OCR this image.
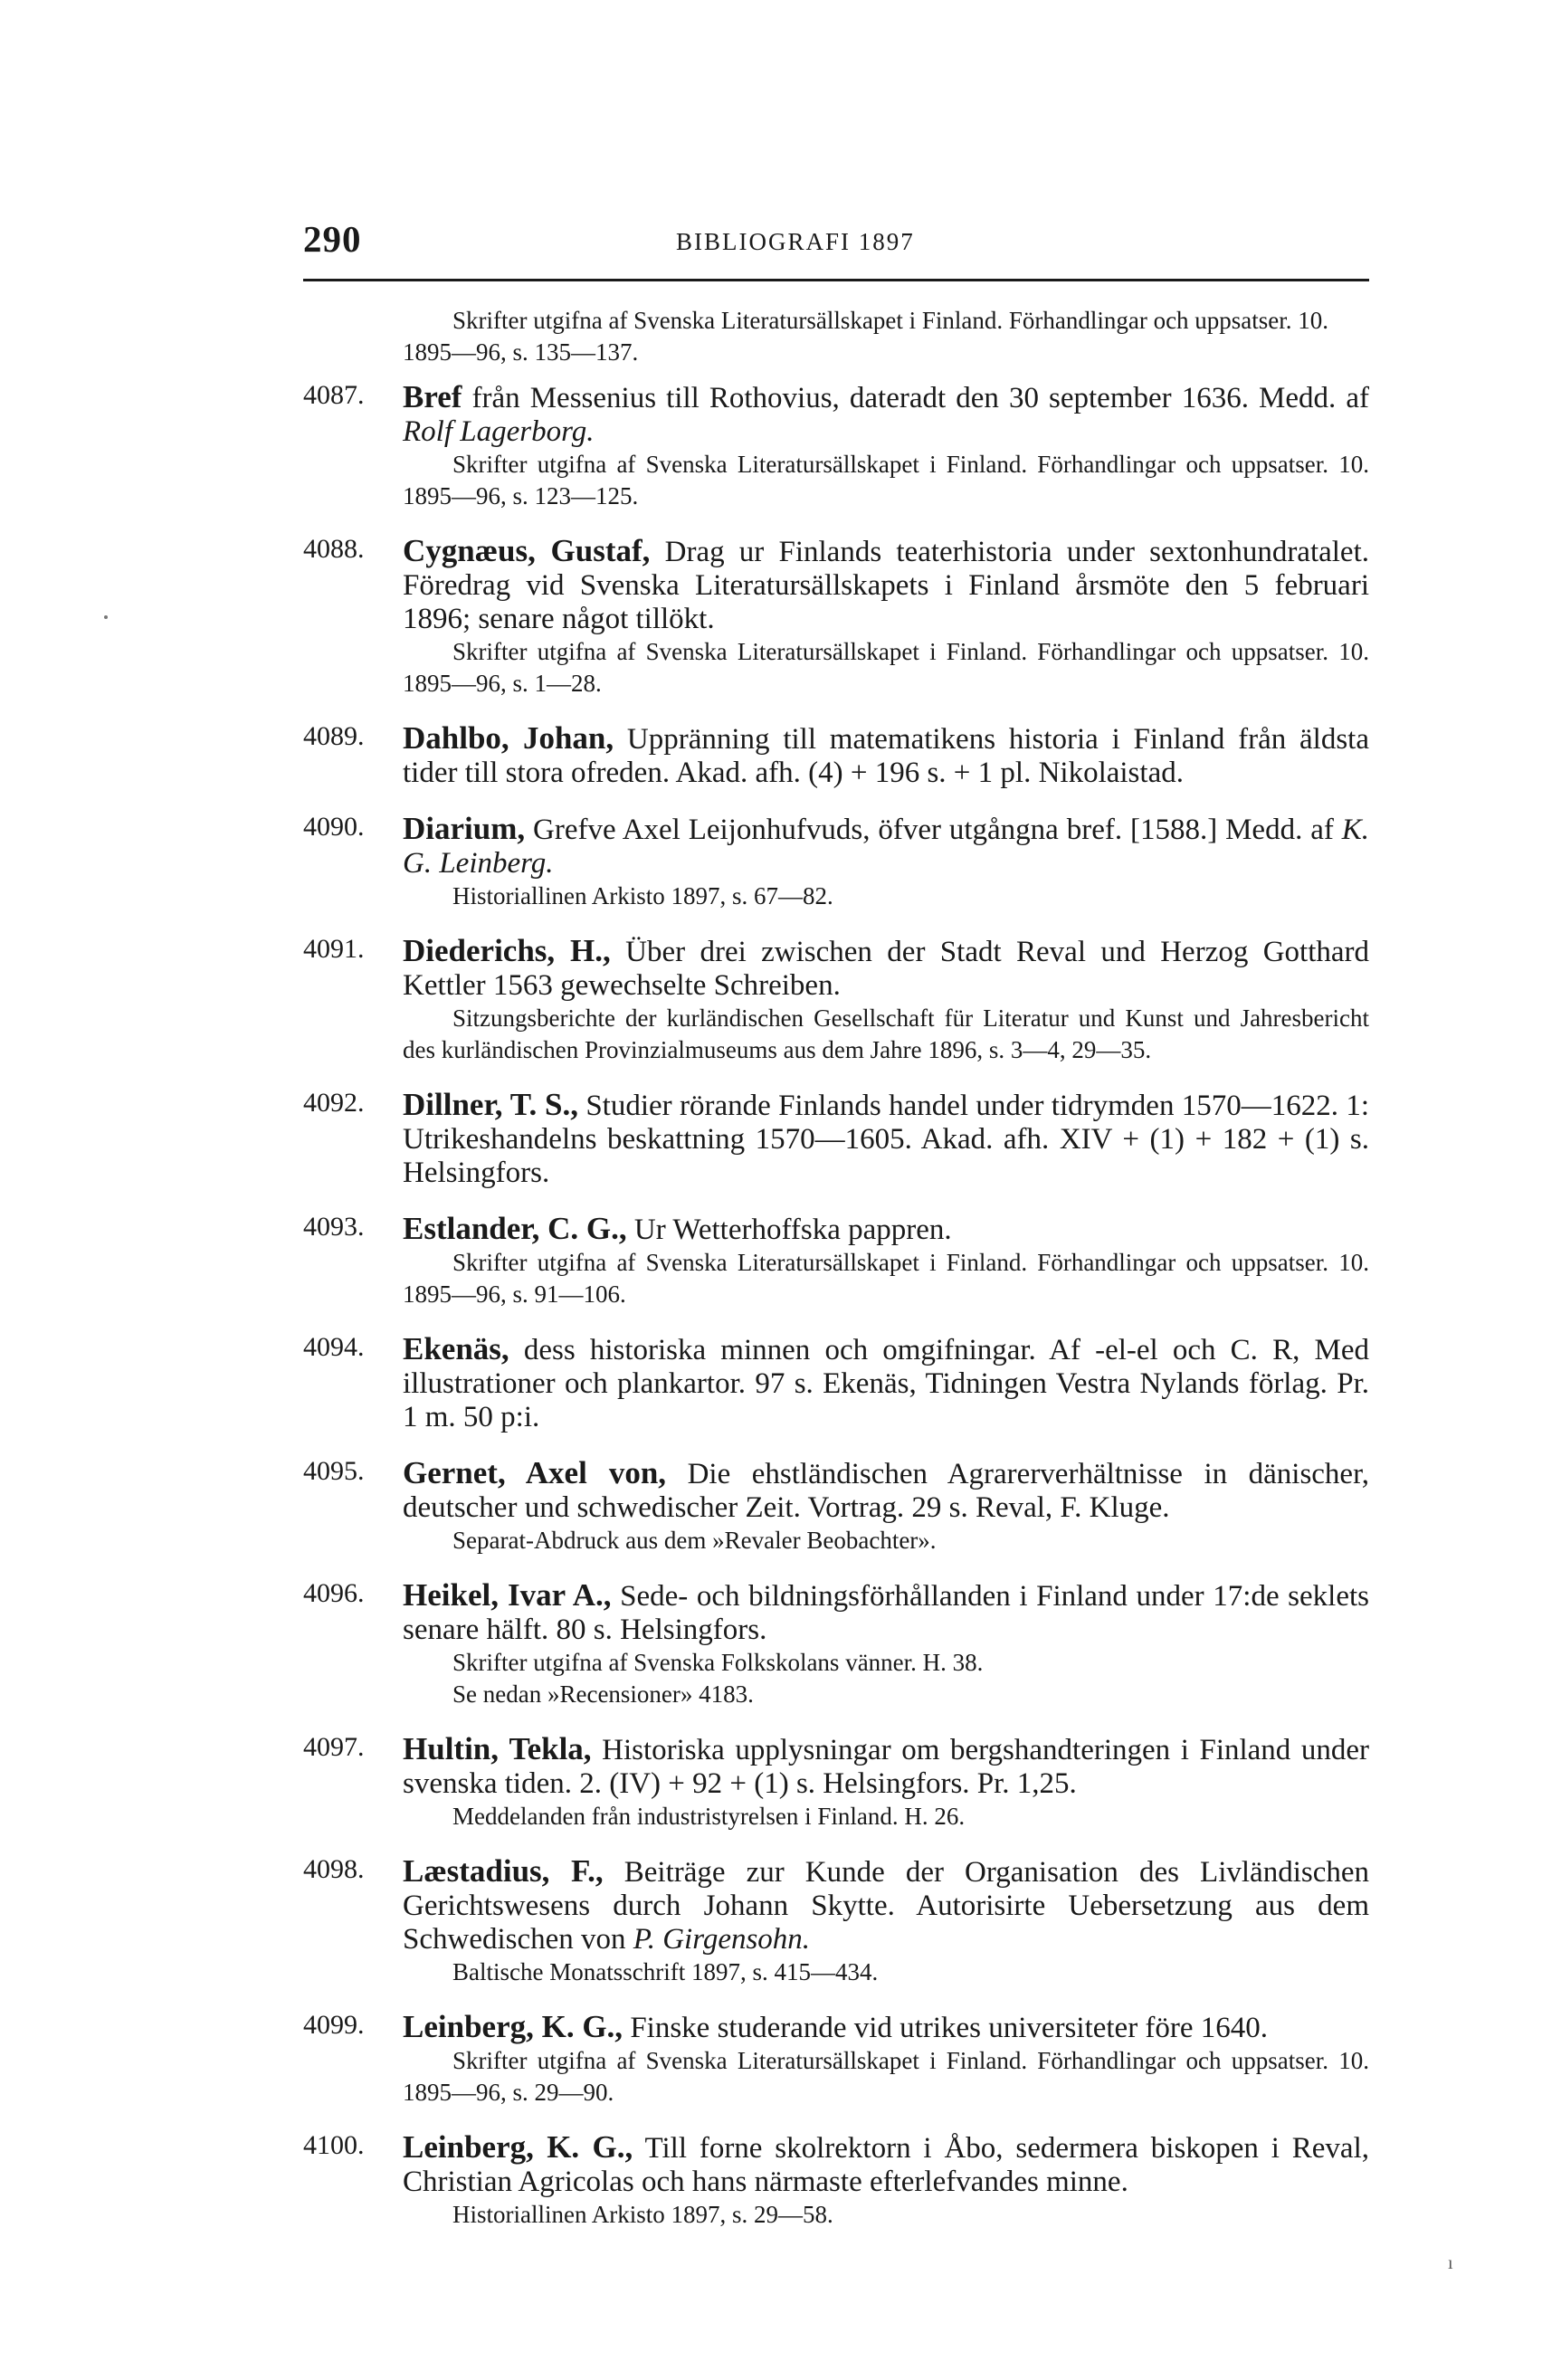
290	BIBLIOGRAFI 1897
Skrifter utgifna af Svenska Literatursällskapet i Finland. Förhandlingar och uppsatser. 10. 1895—96, s. 135—137.
4087. Bref från Messenius till Rothovius, dateradt den 30 september 1636. Medd. af Rolf Lagerborg.
Skrifter utgifna af Svenska Literatursällskapet i Finland. Förhandlingar och uppsatser. 10. 1895—96, s. 123—125.
4088. Cygnæus, Gustaf, Drag ur Finlands teaterhistoria under sextonhundratalet. Föredrag vid Svenska Literatursällskapets i Finland årsmöte den 5 februari 1896; senare något tillökt.
Skrifter utgifna af Svenska Literatursällskapet i Finland. Förhandlingar och uppsatser. 10. 1895—96, s. 1—28.
4089. Dahlbo, Johan, Uppränning till matematikens historia i Finland från äldsta tider till stora ofreden. Akad. afh. (4) + 196 s. + 1 pl. Nikolaistad.
4090. Diarium, Grefve Axel Leijonhufvuds, öfver utgångna bref. [1588.] Medd. af K. G. Leinberg.
Historiallinen Arkisto 1897, s. 67—82.
4091. Diederichs, H., Über drei zwischen der Stadt Reval und Herzog Gotthard Kettler 1563 gewechselte Schreiben.
Sitzungsberichte der kurländischen Gesellschaft für Literatur und Kunst und Jahresbericht des kurländischen Provinzialmuseums aus dem Jahre 1896, s. 3—4, 29—35.
4092. Dillner, T. S., Studier rörande Finlands handel under tidrymden 1570—1622. 1: Utrikeshandelns beskattning 1570—1605. Akad. afh. XIV + (1) + 182 + (1) s. Helsingfors.
4093. Estlander, C. G., Ur Wetterhoffska pappren.
Skrifter utgifna af Svenska Literatursällskapet i Finland. Förhandlingar och uppsatser. 10. 1895—96, s. 91—106.
4094. Ekenäs, dess historiska minnen och omgifningar. Af -el-el och C. R, Med illustrationer och plankartor. 97 s. Ekenäs, Tidningen Vestra Nylands förlag. Pr. 1 m. 50 p:i.
4095. Gernet, Axel von, Die ehstländischen Agrarerverhältnisse in dänischer, deutscher und schwedischer Zeit. Vortrag. 29 s. Reval, F. Kluge.
Separat-Abdruck aus dem »Revaler Beobachter».
4096. Heikel, Ivar A., Sede- och bildningsförhållanden i Finland under 17:de seklets senare hälft. 80 s. Helsingfors.
Skrifter utgifna af Svenska Folkskolans vänner. H. 38.
Se nedan »Recensioner» 4183.
4097. Hultin, Tekla, Historiska upplysningar om bergshandteringen i Finland under svenska tiden. 2. (IV) + 92 + (1) s. Helsingfors. Pr. 1,25.
Meddelanden från industristyrelsen i Finland. H. 26.
4098. Læstadius, F., Beiträge zur Kunde der Organisation des Livländischen Gerichtswesens durch Johann Skytte. Autorisirte Uebersetzung aus dem Schwedischen von P. Girgensohn.
Baltische Monatsschrift 1897, s. 415—434.
4099. Leinberg, K. G., Finske studerande vid utrikes universiteter före 1640.
Skrifter utgifna af Svenska Literatursällskapet i Finland. Förhandlingar och uppsatser. 10. 1895—96, s. 29—90.
4100. Leinberg, K. G., Till forne skolrektorn i Åbo, sedermera biskopen i Reval, Christian Agricolas och hans närmaste efterlefvandes minne.
Historiallinen Arkisto 1897, s. 29—58.
ı
